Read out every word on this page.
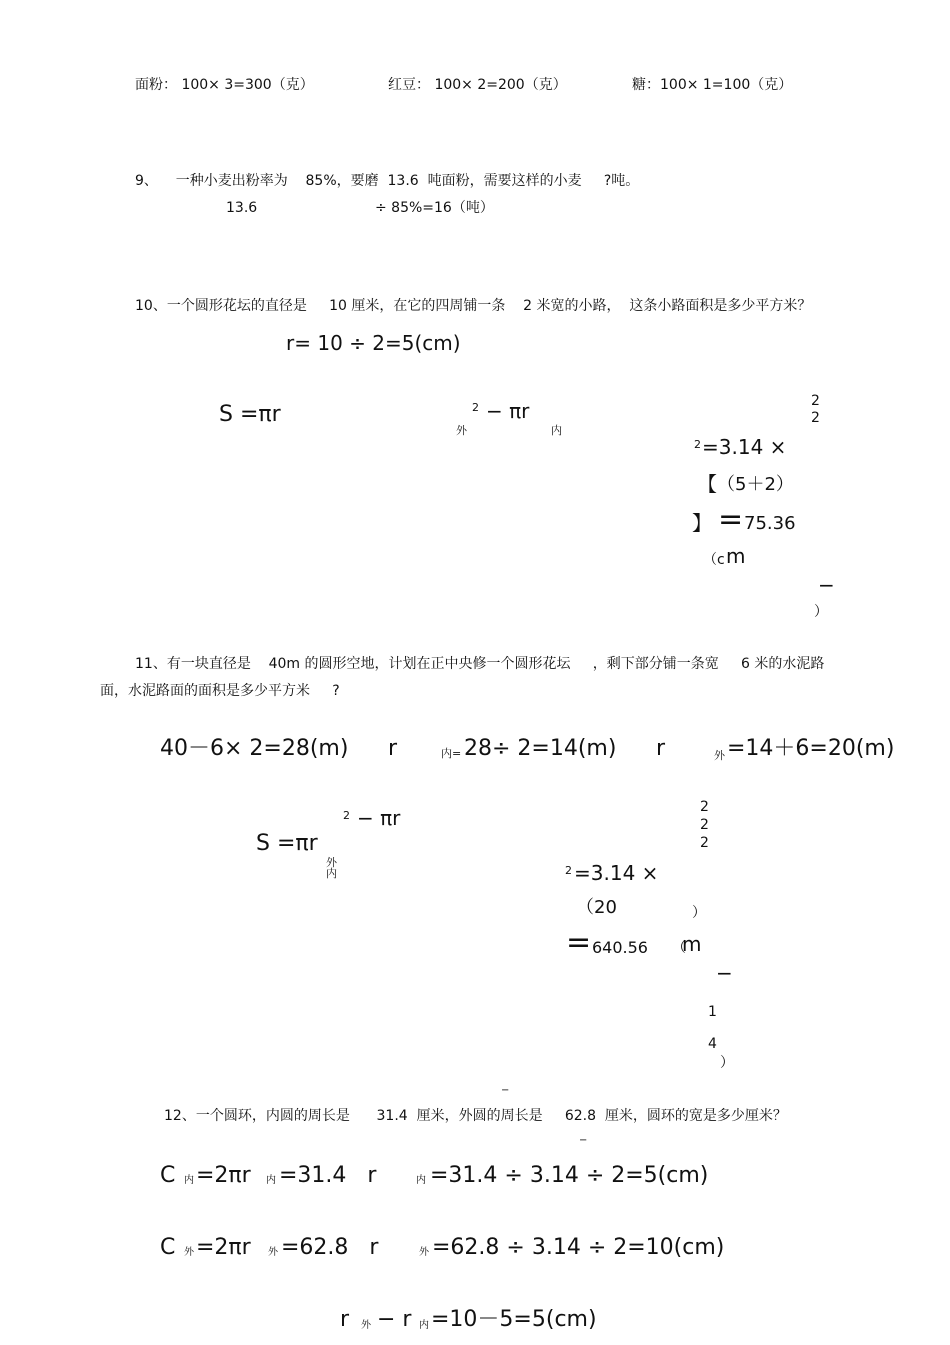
面粉： 100× 3=300（克）	红豆： 100× 2=200（克）	糖：100× 1=100（克）
9、    一种小麦出粉率为    85%，要磨  13.6  吨面粉，需要这样的小麦     ?吨。
13.6	÷ 85%=16（吨）
10、一个圆形花坛的直径是     10 厘米，在它的四周铺一条    2 米宽的小路，  这条小路面积是多少平方米？
r= 10 ÷ 2=5(cm)
S =πr	2 − πr
外	内
2
2
2 =3.14 ×
【 （5＋2）
】 = 75.36
（c m
−
）
11、有一块直径是    40m 的圆形空地，计划在正中央修一个圆形花坛     ，剩下部分铺一条宽     6 米的水泥路
面，水泥路面的面积是多少平方米     ?
40－6× 2=28(m) r	内= 28÷ 2=14(m) r	外 =14＋6=20(m)
2 − πr
S =πr
外
内
2
2
2
2 =3.14 ×
（20	）
= 640.56 （
m
−
1
4
）
−
12、一个圆环，内圆的周长是      31.4  厘米，外圆的周长是     62.8  厘米，圆环的宽是多少厘米？
−
C 内 =2πr 内 =31.4   r	内 =31.4 ÷ 3.14 ÷ 2=5(cm)
C 外 =2πr 外 =62.8   r	外 =62.8 ÷ 3.14 ÷ 2=10(cm)
r 外 − r 内 =10－5=5(cm)
